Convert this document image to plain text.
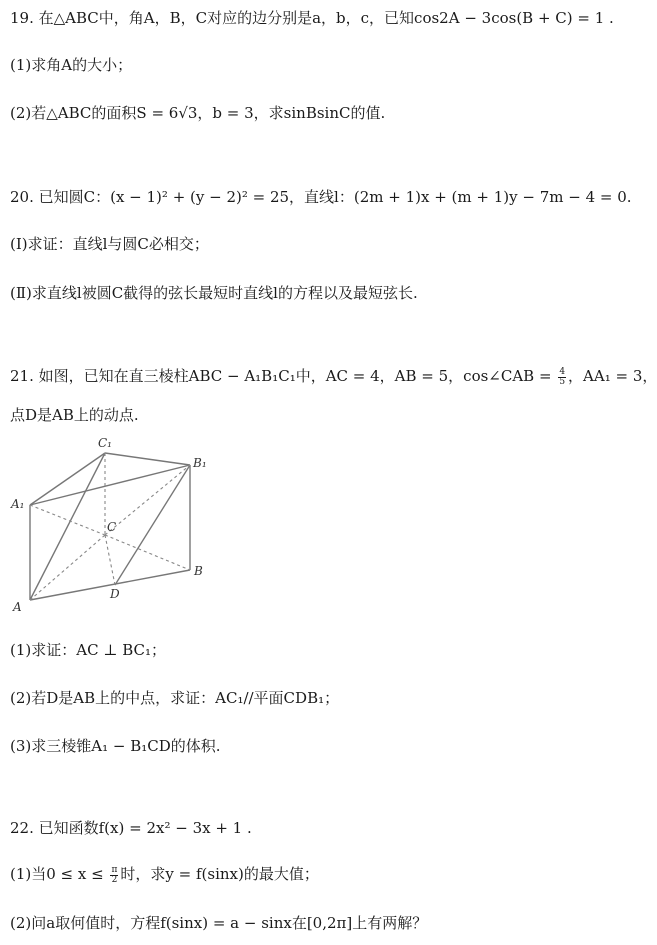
19. 在△ABC中，角A，B，C对应的边分别是a，b，c，已知cos2A − 3cos(B + C) = 1 .
(1)求角A的大小；
(2)若△ABC的面积S = 6√3，b = 3，求sinBsinC的值.
20. 已知圆C：(x − 1)² + (y − 2)² = 25，直线l：(2m + 1)x + (m + 1)y − 7m − 4 = 0.
(Ⅰ)求证：直线l与圆C必相交；
(Ⅱ)求直线l被圆C截得的弦长最短时直线l的方程以及最短弦长.
21. 如图，已知在直三棱柱ABC − A₁B₁C₁中，AC = 4，AB = 5，cos∠CAB = $\frac{4}{5}$ ，AA₁ = 3，
点D是AB上的动点.
C₁
B₁
A₁
C
B
A
D
(1)求证：AC ⊥ BC₁；
(2)若D是AB上的中点，求证：AC₁//平面CDB₁；
(3)求三棱锥A₁ − B₁CD的体积.
22. 已知函数f(x) = 2x² − 3x + 1 .
(1)当$0 \le x \le \frac{\pi}{2}$ 时，求y = f(sinx)的最大值；
(2)问a取何值时，方程f(sinx) = a − sinx在[0,2π]上有两解？
